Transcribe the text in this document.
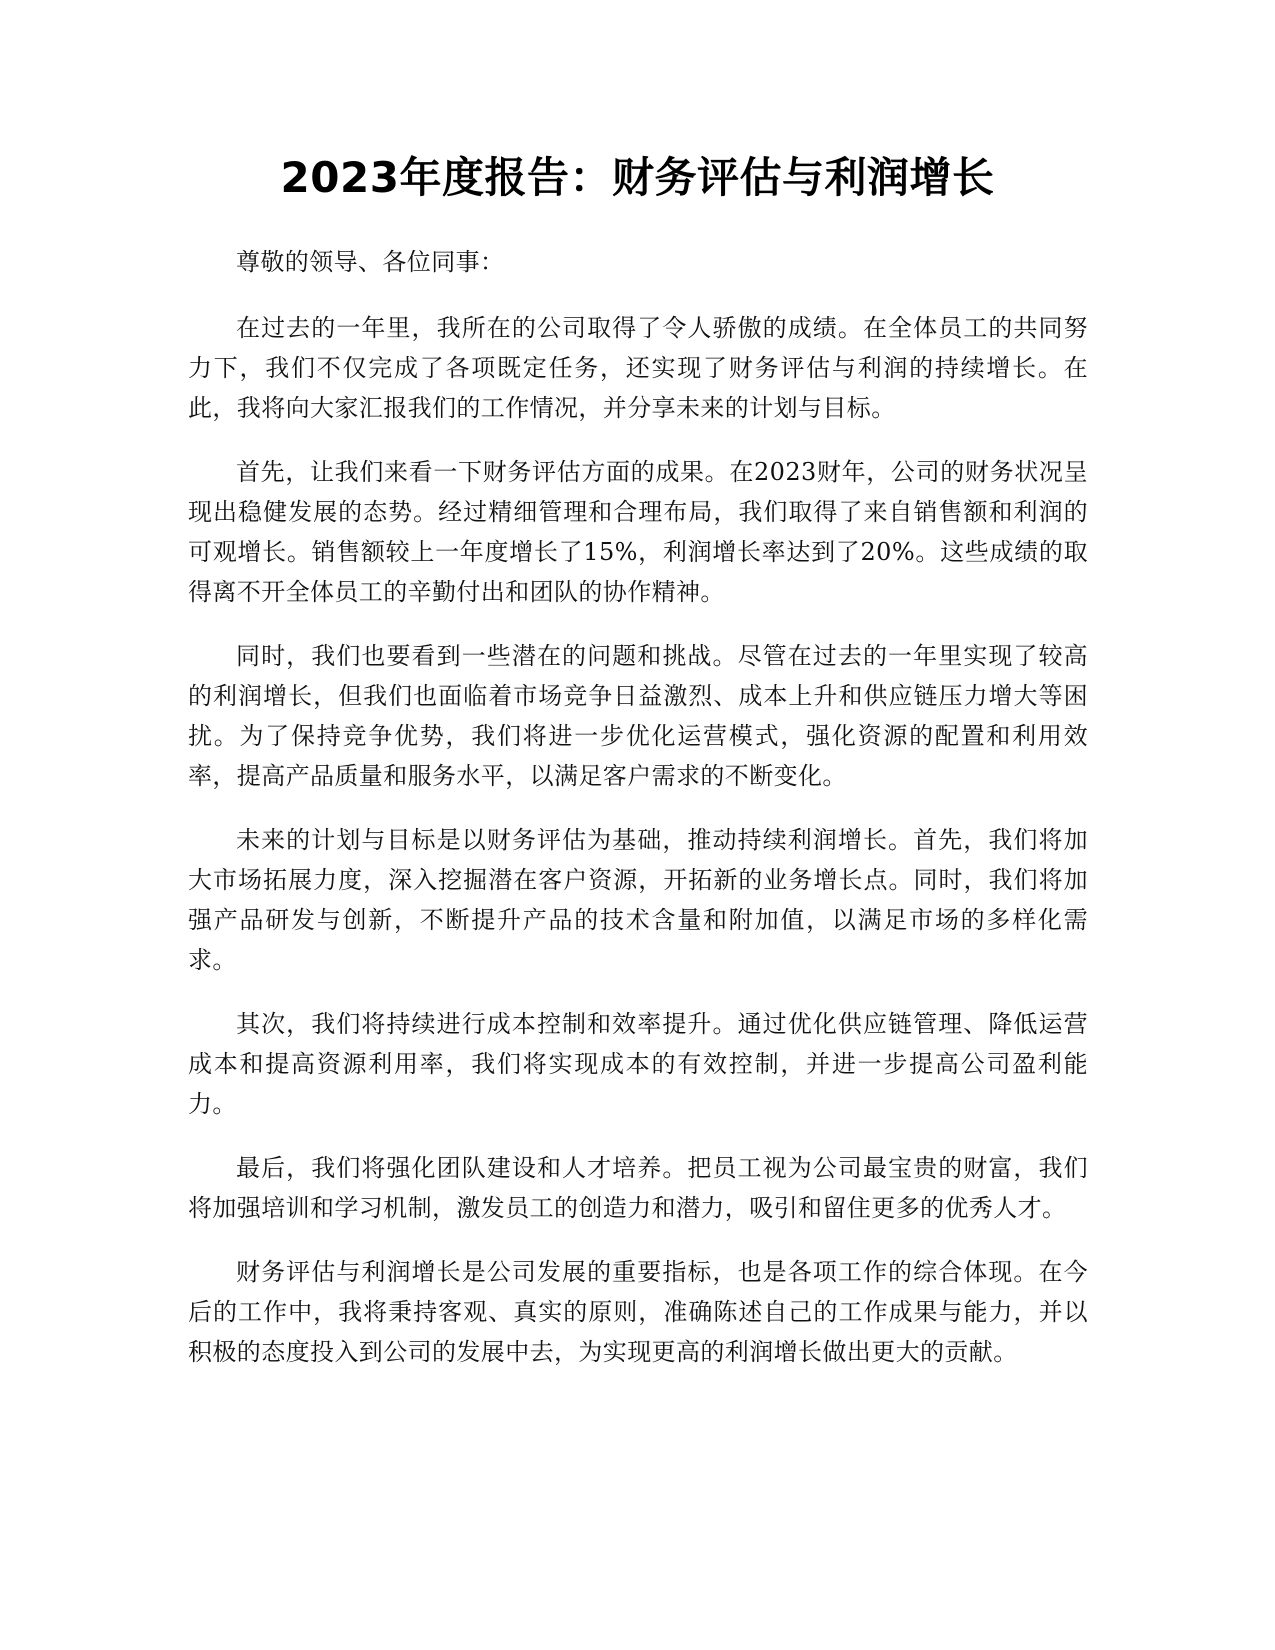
2023年度报告：财务评估与利润增长

尊敬的领导、各位同事：

在过去的一年里，我所在的公司取得了令人骄傲的成绩。在全体员工的共同努力下，我们不仅完成了各项既定任务，还实现了财务评估与利润的持续增长。在此，我将向大家汇报我们的工作情况，并分享未来的计划与目标。

首先，让我们来看一下财务评估方面的成果。在2023财年，公司的财务状况呈现出稳健发展的态势。经过精细管理和合理布局，我们取得了来自销售额和利润的可观增长。销售额较上一年度增长了15%，利润增长率达到了20%。这些成绩的取得离不开全体员工的辛勤付出和团队的协作精神。

同时，我们也要看到一些潜在的问题和挑战。尽管在过去的一年里实现了较高的利润增长，但我们也面临着市场竞争日益激烈、成本上升和供应链压力增大等困扰。为了保持竞争优势，我们将进一步优化运营模式，强化资源的配置和利用效率，提高产品质量和服务水平，以满足客户需求的不断变化。

未来的计划与目标是以财务评估为基础，推动持续利润增长。首先，我们将加大市场拓展力度，深入挖掘潜在客户资源，开拓新的业务增长点。同时，我们将加强产品研发与创新，不断提升产品的技术含量和附加值，以满足市场的多样化需求。

其次，我们将持续进行成本控制和效率提升。通过优化供应链管理、降低运营成本和提高资源利用率，我们将实现成本的有效控制，并进一步提高公司盈利能力。

最后，我们将强化团队建设和人才培养。把员工视为公司最宝贵的财富，我们将加强培训和学习机制，激发员工的创造力和潜力，吸引和留住更多的优秀人才。

财务评估与利润增长是公司发展的重要指标，也是各项工作的综合体现。在今后的工作中，我将秉持客观、真实的原则，准确陈述自己的工作成果与能力，并以积极的态度投入到公司的发展中去，为实现更高的利润增长做出更大的贡献。
